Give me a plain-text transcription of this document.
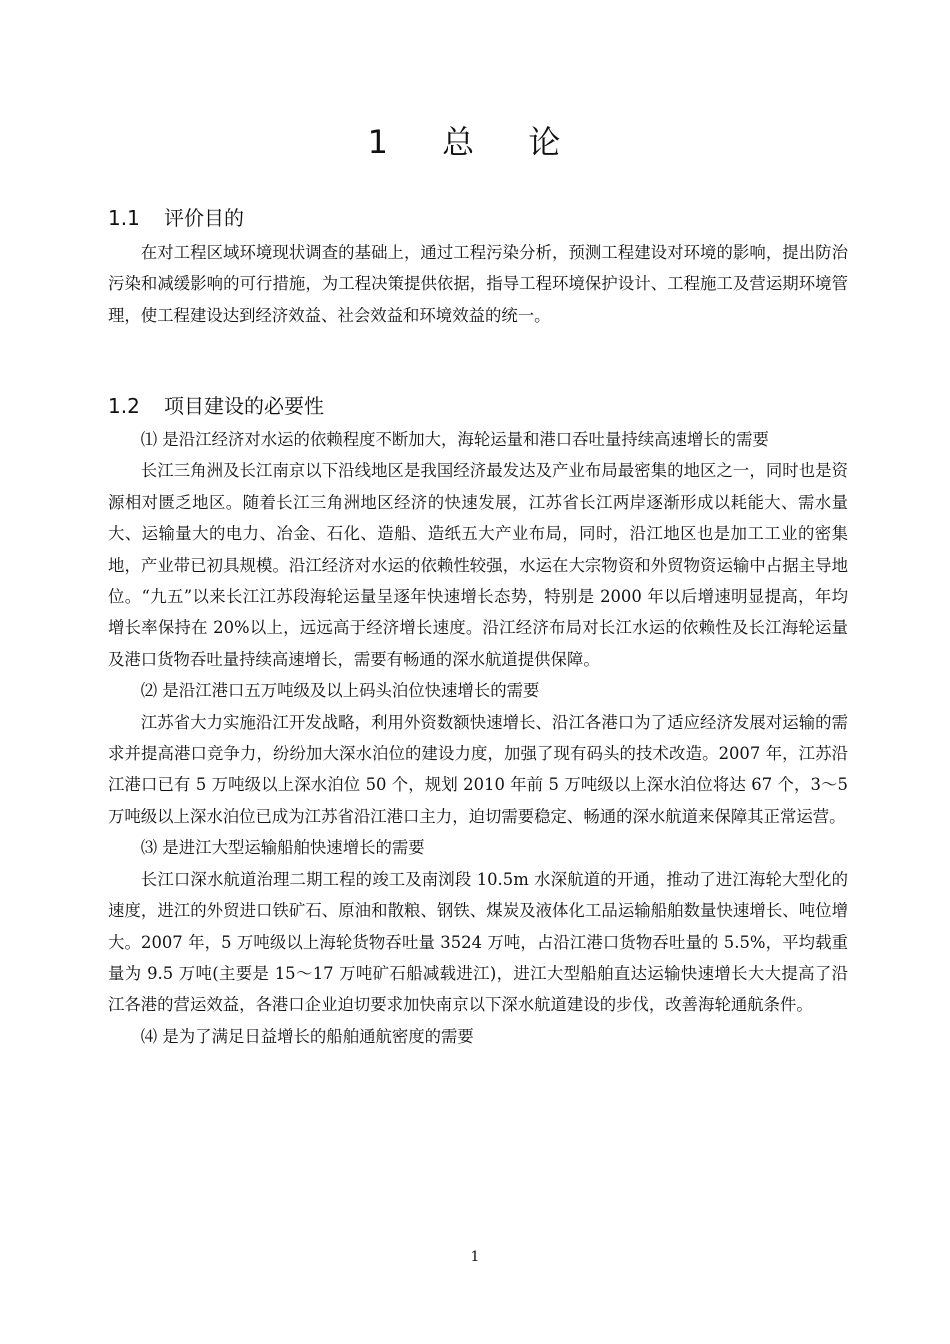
1 总 论
1.1 评价目的

在对工程区域环境现状调查的基础上，通过工程污染分析，预测工程建设对环境的影响，提出防治污染和减缓影响的可行措施，为工程决策提供依据，指导工程环境保护设计、工程施工及营运期环境管理，使工程建设达到经济效益、社会效益和环境效益的统一。

1.2 项目建设的必要性

⑴ 是沿江经济对水运的依赖程度不断加大，海轮运量和港口吞吐量持续高速增长的需要

长江三角洲及长江南京以下沿线地区是我国经济最发达及产业布局最密集的地区之一，同时也是资源相对匮乏地区。随着长江三角洲地区经济的快速发展，江苏省长江两岸逐渐形成以耗能大、需水量大、运输量大的电力、冶金、石化、造船、造纸五大产业布局，同时，沿江地区也是加工工业的密集地，产业带已初具规模。沿江经济对水运的依赖性较强，水运在大宗物资和外贸物资运输中占据主导地位。“九五”以来长江江苏段海轮运量呈逐年快速增长态势，特别是 2000 年以后增速明显提高，年均增长率保持在 20%以上，远远高于经济增长速度。沿江经济布局对长江水运的依赖性及长江海轮运量及港口货物吞吐量持续高速增长，需要有畅通的深水航道提供保障。

⑵ 是沿江港口五万吨级及以上码头泊位快速增长的需要

江苏省大力实施沿江开发战略，利用外资数额快速增长、沿江各港口为了适应经济发展对运输的需求并提高港口竞争力，纷纷加大深水泊位的建设力度，加强了现有码头的技术改造。2007 年，江苏沿江港口已有 5 万吨级以上深水泊位 50 个，规划 2010 年前 5 万吨级以上深水泊位将达 67 个，3～5 万吨级以上深水泊位已成为江苏省沿江港口主力，迫切需要稳定、畅通的深水航道来保障其正常运营。

⑶ 是进江大型运输船舶快速增长的需要

长江口深水航道治理二期工程的竣工及南浏段 10.5m 水深航道的开通，推动了进江海轮大型化的速度，进江的外贸进口铁矿石、原油和散粮、钢铁、煤炭及液体化工品运输船舶数量快速增长、吨位增大。2007 年，5 万吨级以上海轮货物吞吐量 3524 万吨，占沿江港口货物吞吐量的 5.5%，平均载重量为 9.5 万吨(主要是 15～17 万吨矿石船减载进江)，进江大型船舶直达运输快速增长大大提高了沿江各港的营运效益，各港口企业迫切要求加快南京以下深水航道建设的步伐，改善海轮通航条件。

⑷ 是为了满足日益增长的船舶通航密度的需要

1
